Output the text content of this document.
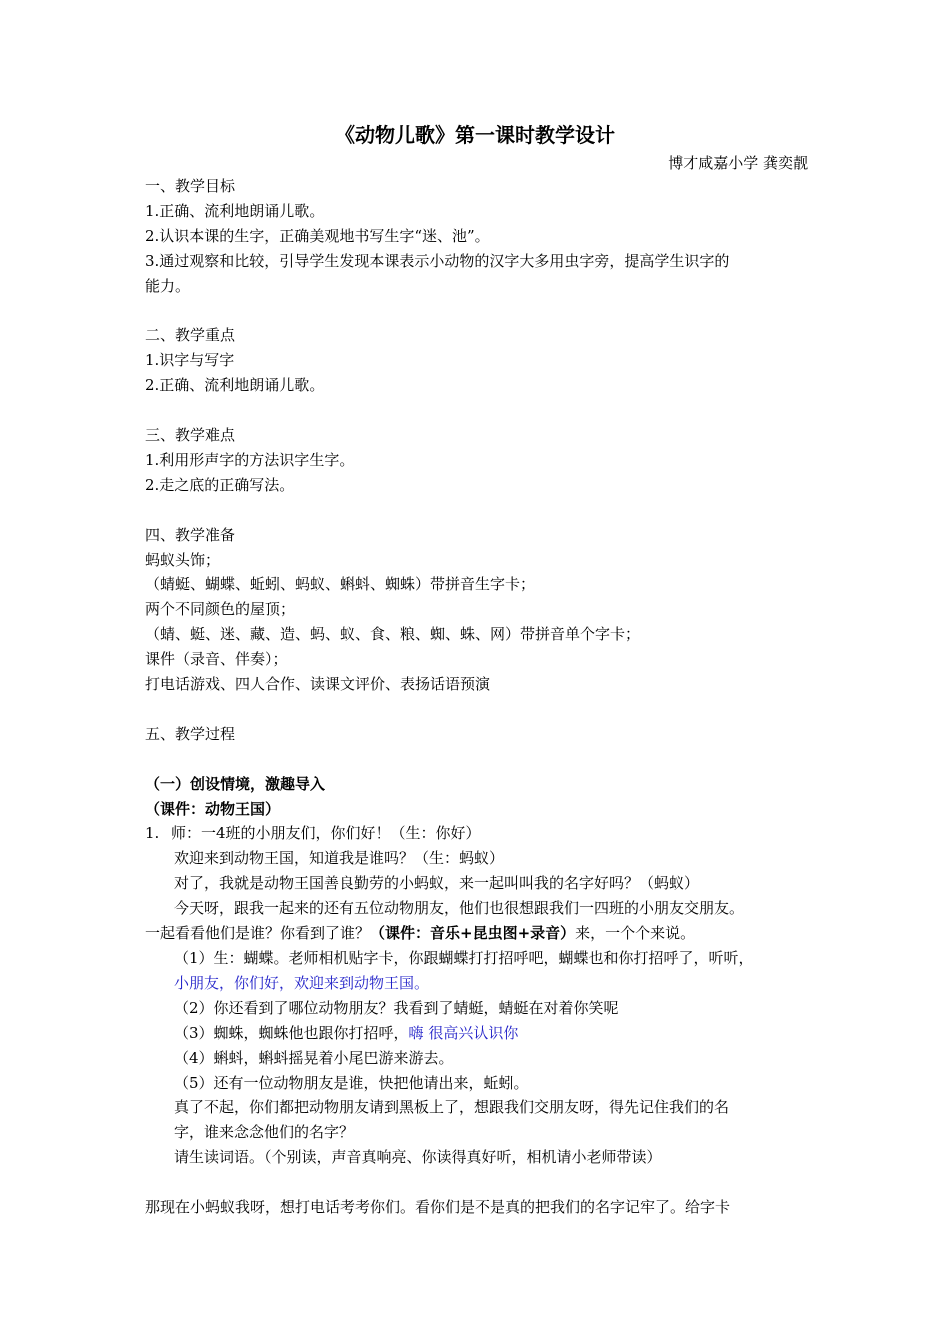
《动物儿歌》第一课时教学设计
博才咸嘉小学 龚奕靓
一、教学目标
1.正确、流利地朗诵儿歌。
2.认识本课的生字，正确美观地书写生字“迷、池”。
3.通过观察和比较，引导学生发现本课表示小动物的汉字大多用虫字旁，提高学生识字的
能力。
二、教学重点
1.识字与写字
2.正确、流利地朗诵儿歌。
三、教学难点
1.利用形声字的方法识字生字。
2.走之底的正确写法。
四、教学准备
蚂蚁头饰；
（蜻蜓、蝴蝶、蚯蚓、蚂蚁、蝌蚪、蜘蛛）带拼音生字卡；
两个不同颜色的屋顶；
（蜻、蜓、迷、藏、造、蚂、蚁、食、粮、蜘、蛛、网）带拼音单个字卡；
课件（录音、伴奏）；
打电话游戏、四人合作、读课文评价、表扬话语预演
五、教学过程
（一）创设情境，激趣导入
（课件：动物王国）
1. 师：一4班的小朋友们，你们好！（生：你好）
欢迎来到动物王国，知道我是谁吗？（生：蚂蚁）
对了，我就是动物王国善良勤劳的小蚂蚁，来一起叫叫我的名字好吗？（蚂蚁）
今天呀，跟我一起来的还有五位动物朋友，他们也很想跟我们一四班的小朋友交朋友。
一起看看他们是谁？你看到了谁？（课件：音乐+昆虫图+录音）来，一个个来说。
（1）生：蝴蝶。老师相机贴字卡，你跟蝴蝶打打招呼吧，蝴蝶也和你打招呼了，听听，
小朋友，你们好，欢迎来到动物王国。
（2）你还看到了哪位动物朋友？我看到了蜻蜓，蜻蜓在对着你笑呢
（3）蜘蛛，蜘蛛他也跟你打招呼，嗨 很高兴认识你
（4）蝌蚪，蝌蚪摇晃着小尾巴游来游去。
（5）还有一位动物朋友是谁，快把他请出来，蚯蚓。
真了不起，你们都把动物朋友请到黑板上了，想跟我们交朋友呀，得先记住我们的名
字，谁来念念他们的名字？
请生读词语。（个别读，声音真响亮、你读得真好听，相机请小老师带读）
那现在小蚂蚁我呀，想打电话考考你们。看你们是不是真的把我们的名字记牢了。给字卡
